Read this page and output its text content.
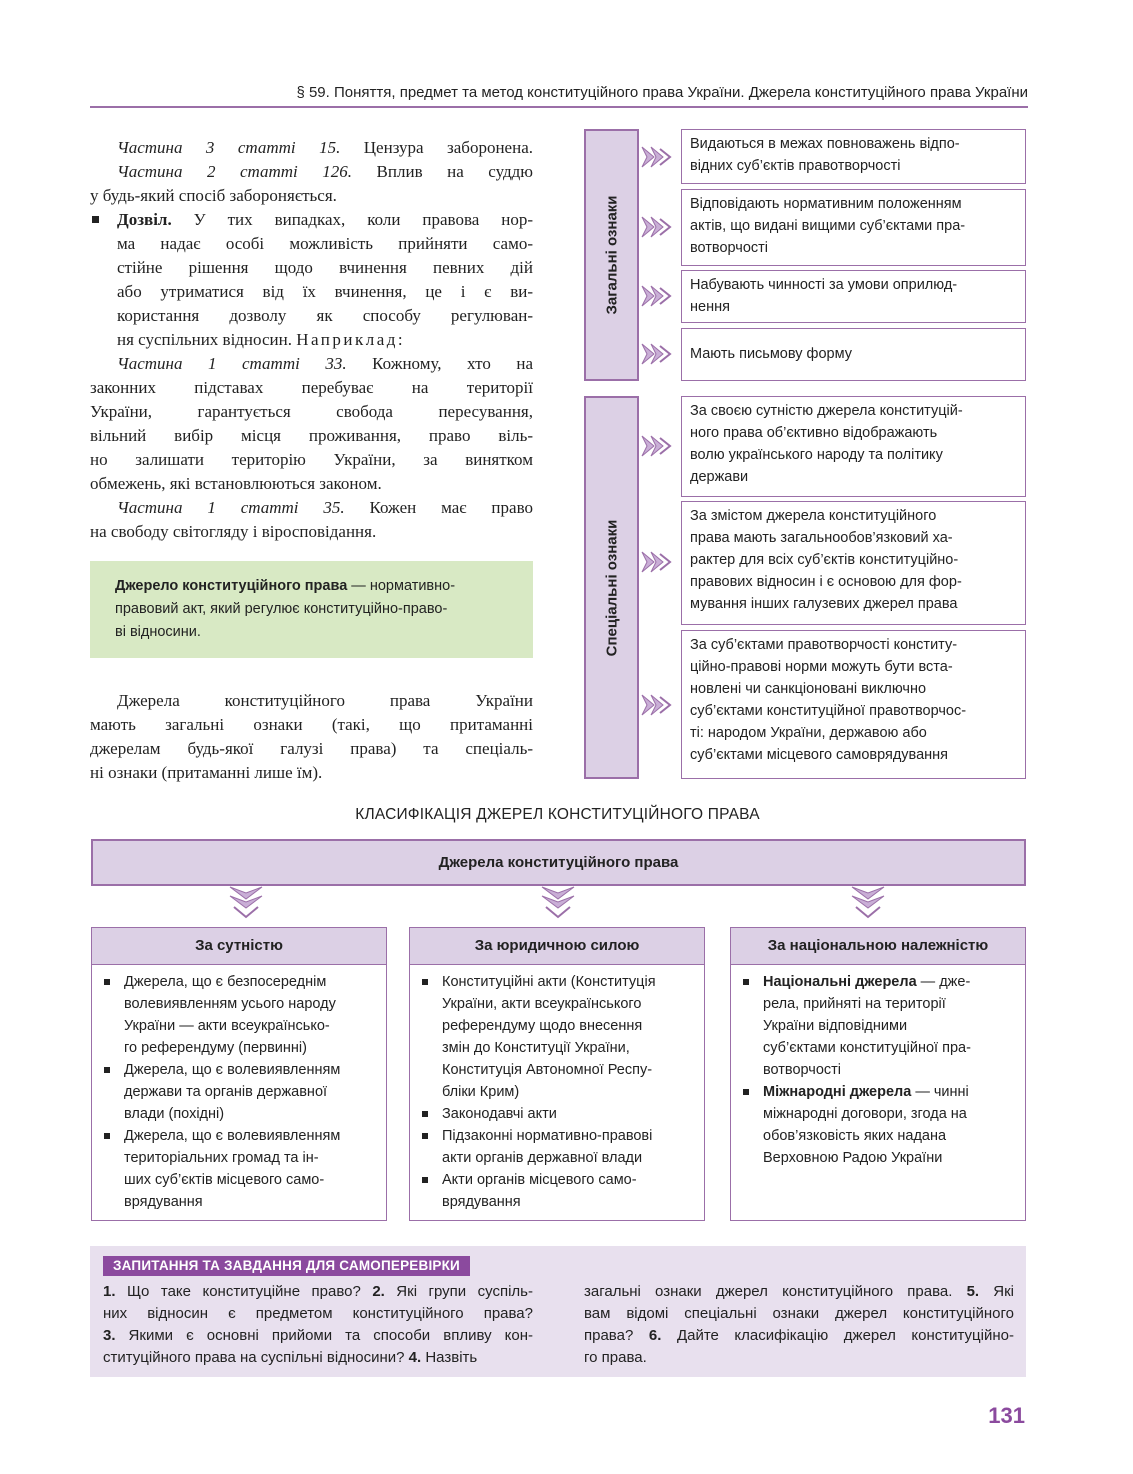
§ 59. Поняття, предмет та метод конституційного права України. Джерела конституційного права України
Частина 3 статті 15. Цензура заборонена.
Частина 2 статті 126. Вплив на суддю
у будь-який спосіб забороняється.
Дозвіл. У тих випадках, коли правова нор-
ма надає особі можливість прийняти само-
стійне рішення щодо вчинення певних дій
або утриматися від їх вчинення, це і є ви-
користання дозволу як способу регулюван-
ня суспільних відносин. Наприклад:
Частина 1 статті 33. Кожному, хто на
законних підставах перебуває на території
України, гарантується свобода пересування,
вільний вибір місця проживання, право віль-
но залишати територію України, за винятком
обмежень, які встановлюються законом.
Частина 1 статті 35. Кожен має право
на свободу світогляду і віросповідання.
Джерело конституційного права — нормативно-
правовий акт, який регулює конституційно-право-
ві відносини.
Джерела конституційного права України
мають загальні ознаки (такі, що притаманні
джерелам будь-якої галузі права) та спеціаль-
ні ознаки (притаманні лише їм).
Загальні ознаки
Спеціальні ознаки
Видаються в межах повноважень відпо-
відних суб’єктів правотворчості
Відповідають нормативним положенням
актів, що видані вищими суб’єктами пра-
вотворчості
Набувають чинності за умови оприлюд-
нення
Мають письмову форму
За своєю сутністю джерела конституцій-
ного права об’єктивно відображають
волю українського народу та політику
держави
За змістом джерела конституційного
права мають загальнообов’язковий ха-
рактер для всіх суб’єктів конституційно-
правових відносин і є основою для фор-
мування інших галузевих джерел права
За суб’єктами правотворчості конститу-
ційно-правові норми можуть бути вста-
новлені чи санкціоновані виключно
суб’єктами конституційної правотворчос-
ті: народом України, державою або
суб’єктами місцевого самоврядування
КЛАСИФІКАЦІЯ ДЖЕРЕЛ КОНСТИТУЦІЙНОГО ПРАВА
Джерела конституційного права
За сутністю
Джерела, що є безпосереднім
волевиявленням усього народу
України — акти всеукраїнсько-
го референдуму (первинні)
Джерела, що є волевиявленням
держави та органів державної
влади (похідні)
Джерела, що є волевиявленням
територіальних громад та ін-
ших суб’єктів місцевого само-
врядування
За юридичною силою
Конституційні акти (Конституція
України, акти всеукраїнського
референдуму щодо внесення
змін до Конституції України,
Конституція Автономної Респу-
бліки Крим)
Законодавчі акти
Підзаконні нормативно-правові
акти органів державної влади
Акти органів місцевого само-
врядування
За національною належністю
Національні джерела — дже-
рела, прийняті на території
України відповідними
суб’єктами конституційної пра-
вотворчості
Міжнародні джерела — чинні
міжнародні договори, згода на
обов’язковість яких надана
Верховною Радою України
ЗАПИТАННЯ ТА ЗАВДАННЯ ДЛЯ САМОПЕРЕВІРКИ
1. Що таке конституційне право? 2. Які групи суспіль-
них відносин є предметом конституційного права?
3. Якими є основні прийоми та способи впливу кон-
ституційного права на суспільні відносини? 4. Назвіть
загальні ознаки джерел конституційного права. 5. Які
вам відомі спеціальні ознаки джерел конституційного
права? 6. Дайте класифікацію джерел конституційно-
го права.
131
